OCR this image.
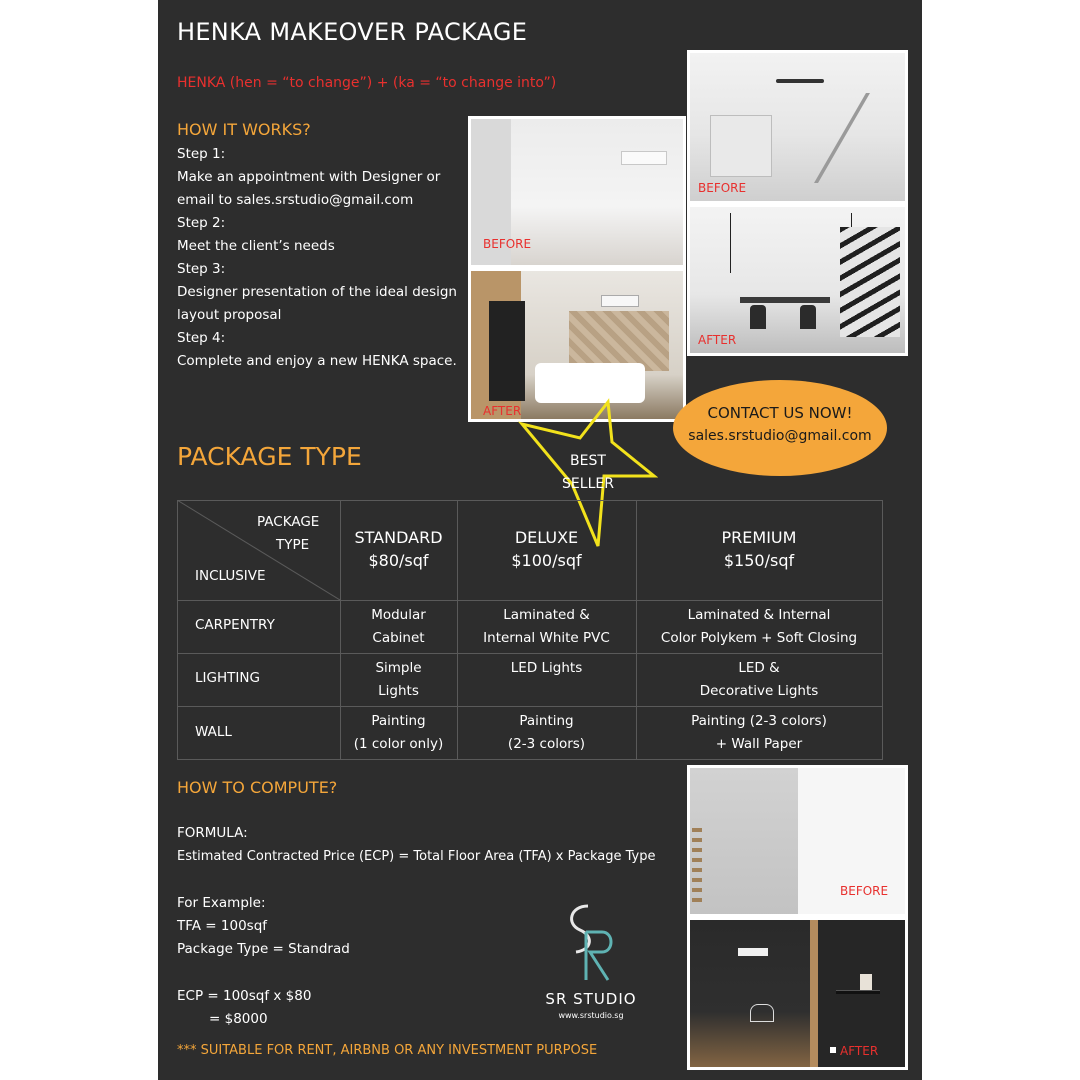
HENKA MAKEOVER PACKAGE
HENKA (hen = “to change”) + (ka = “to change into”)
HOW IT WORKS?
Step 1:
Make an appointment with Designer or
email to sales.srstudio@gmail.com
Step 2:
Meet the client’s needs
Step 3:
Designer presentation of the ideal design
layout proposal
Step 4:
Complete and enjoy a new HENKA space.
BEFORE
AFTER
BEFORE
AFTER
CONTACT US NOW!
sales.srstudio@gmail.com
BEST
SELLER
PACKAGE TYPE
PACKAGE
TYPE
INCLUSIVE
STANDARD
$80/sqf
DELUXE
$100/sqf
PREMIUM
$150/sqf
CARPENTRY
Modular
Cabinet
Laminated &
Internal White PVC
Laminated & Internal
Color Polykem + Soft Closing
LIGHTING
Simple
Lights
LED Lights	LED &
Decorative Lights
WALL
Painting
(1 color only)
Painting
(2-3 colors)
Painting (2-3 colors)
+ Wall Paper
HOW TO COMPUTE?
FORMULA:
Estimated Contracted Price (ECP) = Total Floor Area (TFA) x Package Type
For Example:
TFA = 100sqf
Package Type = Standrad
ECP = 100sqf x $80
= $8000
*** SUITABLE FOR RENT, AIRBNB OR ANY INVESTMENT PURPOSE
SR STUDIO
www.srstudio.sg
BEFORE
AFTER
